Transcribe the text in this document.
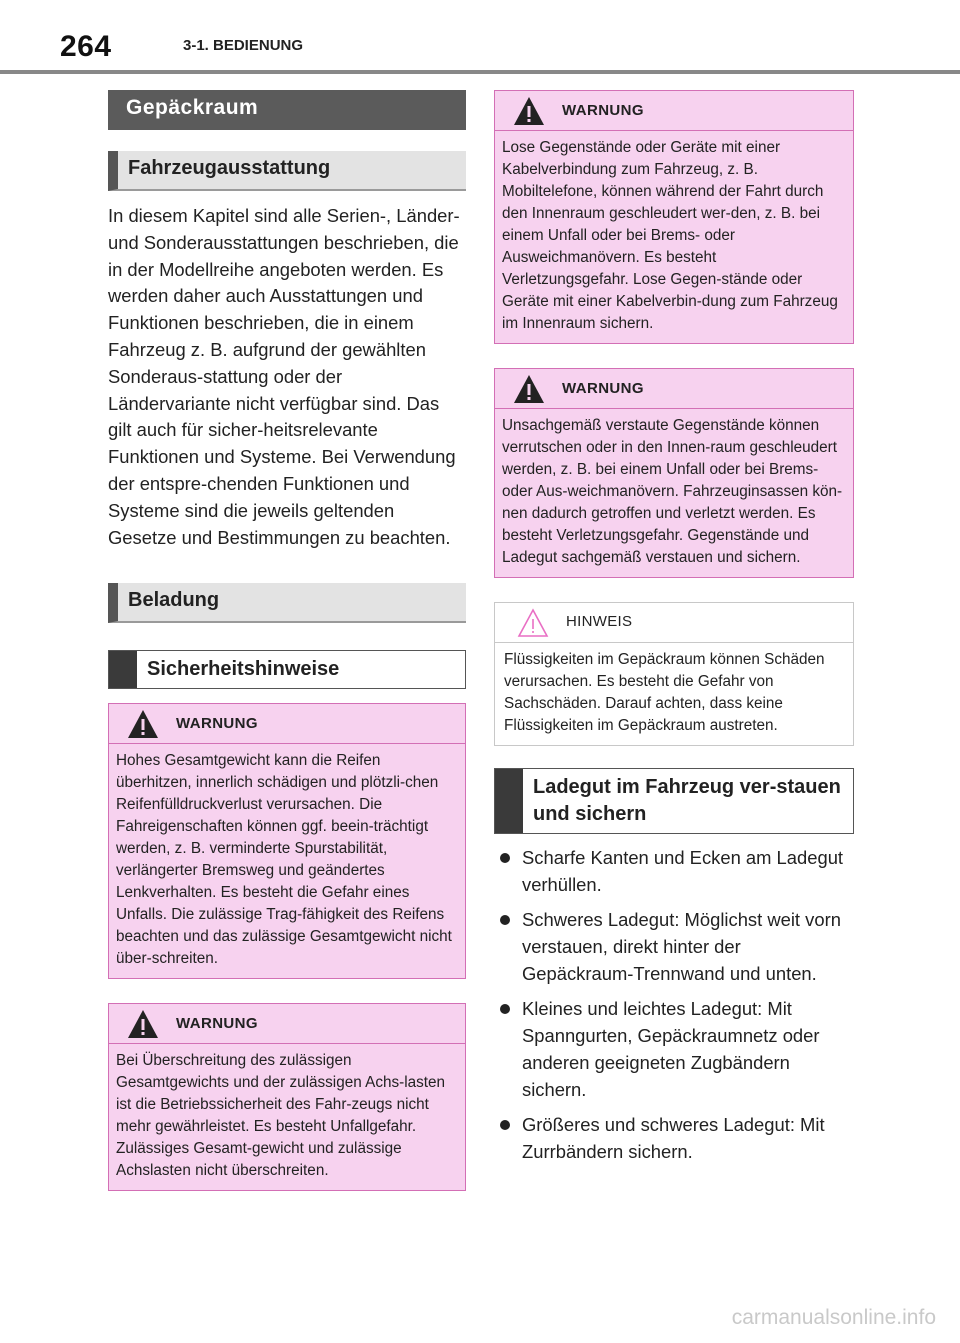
264	3-1. BEDIENUNG
Gepäckraum
Fahrzeugausstattung

In diesem Kapitel sind alle Serien-, Länder- und Sonderausstattungen beschrieben, die in der Modellreihe angeboten werden. Es werden daher auch Ausstattungen und Funktionen beschrieben, die in einem Fahrzeug z. B. aufgrund der gewählten Sonderaus-stattung oder der Ländervariante nicht verfügbar sind. Das gilt auch für sicher-heitsrelevante Funktionen und Systeme. Bei Verwendung der entspre-chenden Funktionen und Systeme sind die jeweils geltenden Gesetze und Bestimmungen zu beachten.

Beladung
Sicherheitshinweise
WARNUNG
Hohes Gesamtgewicht kann die Reifen überhitzen, innerlich schädigen und plötzli-chen Reifenfülldruckverlust verursachen. Die Fahreigenschaften können ggf. beein-trächtigt werden, z. B. verminderte Spurstabilität, verlängerter Bremsweg und geändertes Lenkverhalten. Es besteht die Gefahr eines Unfalls. Die zulässige Trag-fähigkeit des Reifens beachten und das zulässige Gesamtgewicht nicht über-schreiten.
WARNUNG
Bei Überschreitung des zulässigen Gesamtgewichts und der zulässigen Achs-lasten ist die Betriebssicherheit des Fahr-zeugs nicht mehr gewährleistet. Es besteht Unfallgefahr. Zulässiges Gesamt-gewicht und zulässige Achslasten nicht überschreiten.
WARNUNG
Lose Gegenstände oder Geräte mit einer Kabelverbindung zum Fahrzeug, z. B. Mobiltelefone, können während der Fahrt durch den Innenraum geschleudert wer-den, z. B. bei einem Unfall oder bei Brems- oder Ausweichmanövern. Es besteht Verletzungsgefahr. Lose Gegen-stände oder Geräte mit einer Kabelverbin-dung zum Fahrzeug im Innenraum sichern.
WARNUNG
Unsachgemäß verstaute Gegenstände können verrutschen oder in den Innen-raum geschleudert werden, z. B. bei einem Unfall oder bei Brems- oder Aus-weichmanövern. Fahrzeuginsassen kön-nen dadurch getroffen und verletzt werden. Es besteht Verletzungsgefahr. Gegenstände und Ladegut sachgemäß verstauen und sichern.
HINWEIS
Flüssigkeiten im Gepäckraum können Schäden verursachen. Es besteht die Gefahr von Sachschäden. Darauf achten, dass keine Flüssigkeiten im Gepäckraum austreten.
Ladegut im Fahrzeug ver-stauen und sichern
Scharfe Kanten und Ecken am Ladegut verhüllen.
Schweres Ladegut: Möglichst weit vorn verstauen, direkt hinter der Gepäckraum-Trennwand und unten.
Kleines und leichtes Ladegut: Mit Spanngurten, Gepäckraumnetz oder anderen geeigneten Zugbändern sichern.
Größeres und schweres Ladegut: Mit Zurrbändern sichern.
carmanualsonline.info
